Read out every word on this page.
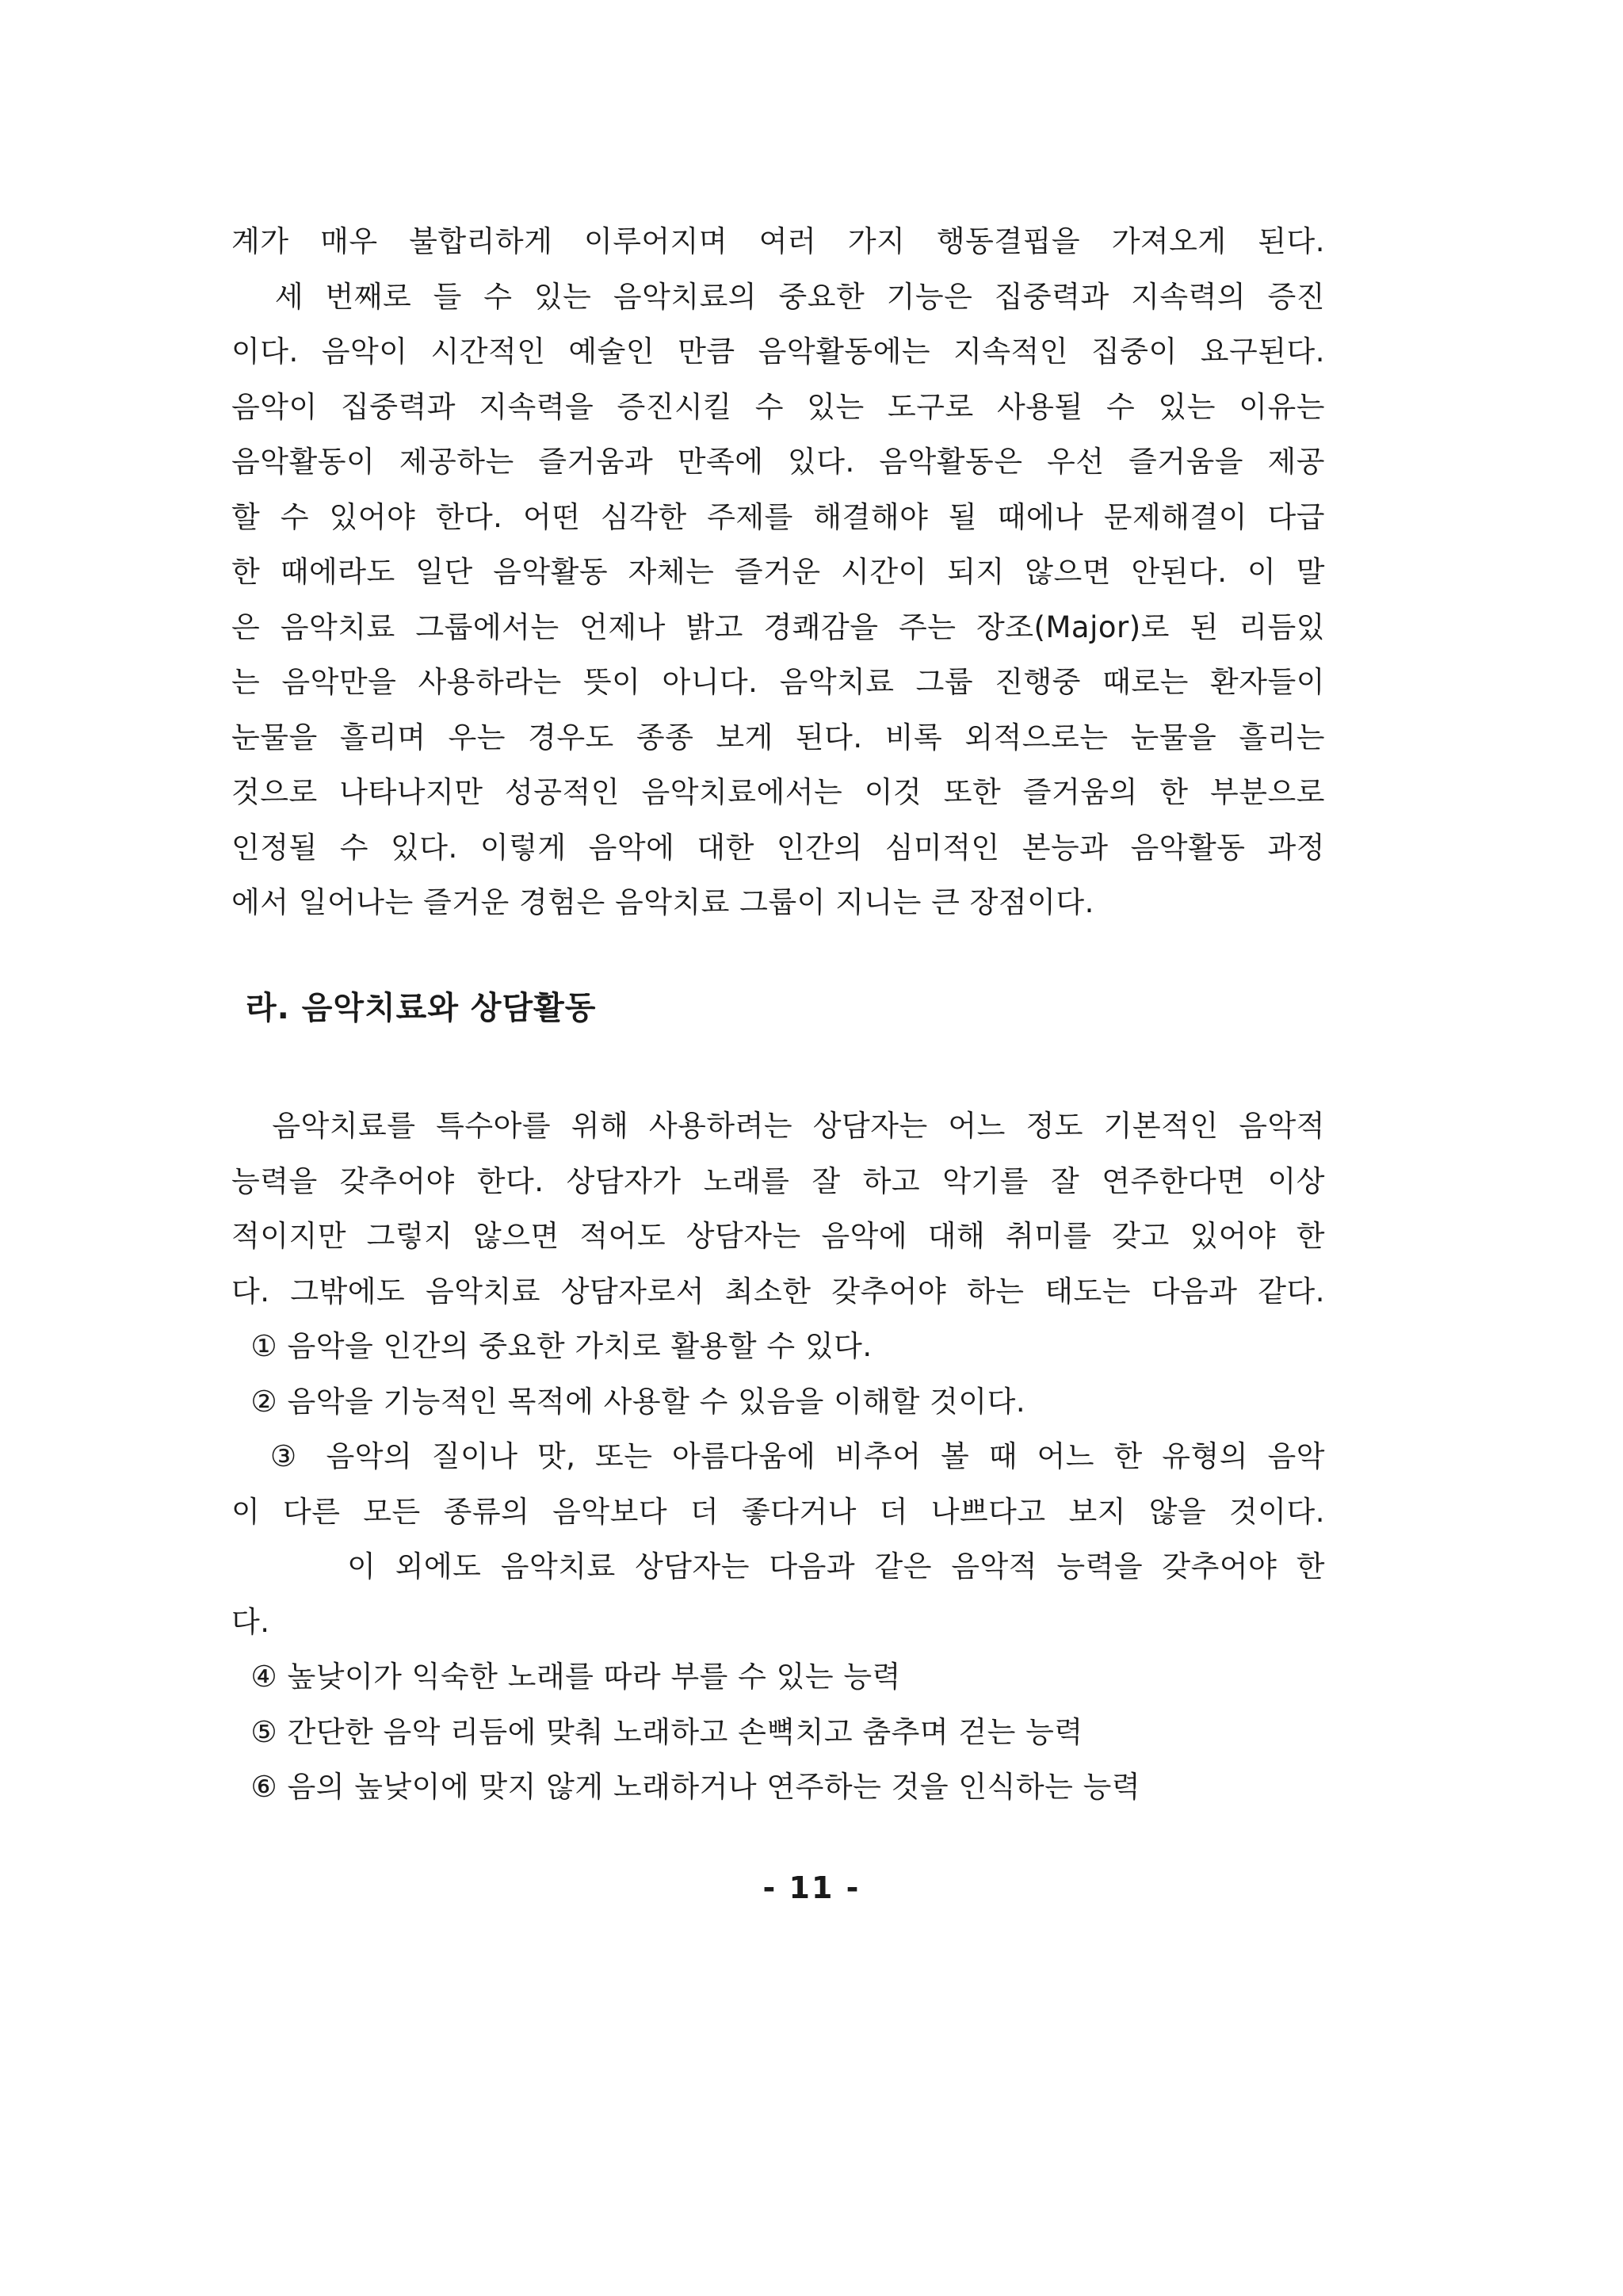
계가 매우 불합리하게 이루어지며 여러 가지 행동결핍을 가져오게 된다.
세 번째로 들 수 있는 음악치료의 중요한 기능은 집중력과 지속력의 증진
이다. 음악이 시간적인 예술인 만큼 음악활동에는 지속적인 집중이 요구된다.
음악이 집중력과 지속력을 증진시킬 수 있는 도구로 사용될 수 있는 이유는
음악활동이 제공하는 즐거움과 만족에 있다. 음악활동은 우선 즐거움을 제공
할 수 있어야 한다. 어떤 심각한 주제를 해결해야 될 때에나 문제해결이 다급
한 때에라도 일단 음악활동 자체는 즐거운 시간이 되지 않으면 안된다. 이 말
은 음악치료 그룹에서는 언제나 밝고 경쾌감을 주는 장조(Major)로 된 리듬있
는 음악만을 사용하라는 뜻이 아니다. 음악치료 그룹 진행중 때로는 환자들이
눈물을 흘리며 우는 경우도 종종 보게 된다. 비록 외적으로는 눈물을 흘리는
것으로 나타나지만 성공적인 음악치료에서는 이것 또한 즐거움의 한 부분으로
인정될 수 있다. 이렇게 음악에 대한 인간의 심미적인 본능과 음악활동 과정
에서 일어나는 즐거운 경험은 음악치료 그룹이 지니는 큰 장점이다.
라. 음악치료와 상담활동
음악치료를 특수아를 위해 사용하려는 상담자는 어느 정도 기본적인 음악적
능력을 갖추어야 한다. 상담자가 노래를 잘 하고 악기를 잘 연주한다면 이상
적이지만 그렇지 않으면 적어도 상담자는 음악에 대해 취미를 갖고 있어야 한
다. 그밖에도 음악치료 상담자로서 최소한 갖추어야 하는 태도는 다음과 같다.
① 음악을 인간의 중요한 가치로 활용할 수 있다.
② 음악을 기능적인 목적에 사용할 수 있음을 이해할 것이다.
③ 음악의 질이나 맛, 또는 아름다움에 비추어 볼 때 어느 한 유형의 음악
이 다른 모든 종류의 음악보다 더 좋다거나 더 나쁘다고 보지 않을 것이다.
이 외에도 음악치료 상담자는 다음과 같은 음악적 능력을 갖추어야 한
다.
④ 높낮이가 익숙한 노래를 따라 부를 수 있는 능력
⑤ 간단한 음악 리듬에 맞춰 노래하고 손뼉치고 춤추며 걷는 능력
⑥ 음의 높낮이에 맞지 않게 노래하거나 연주하는 것을 인식하는 능력
- 11 -
